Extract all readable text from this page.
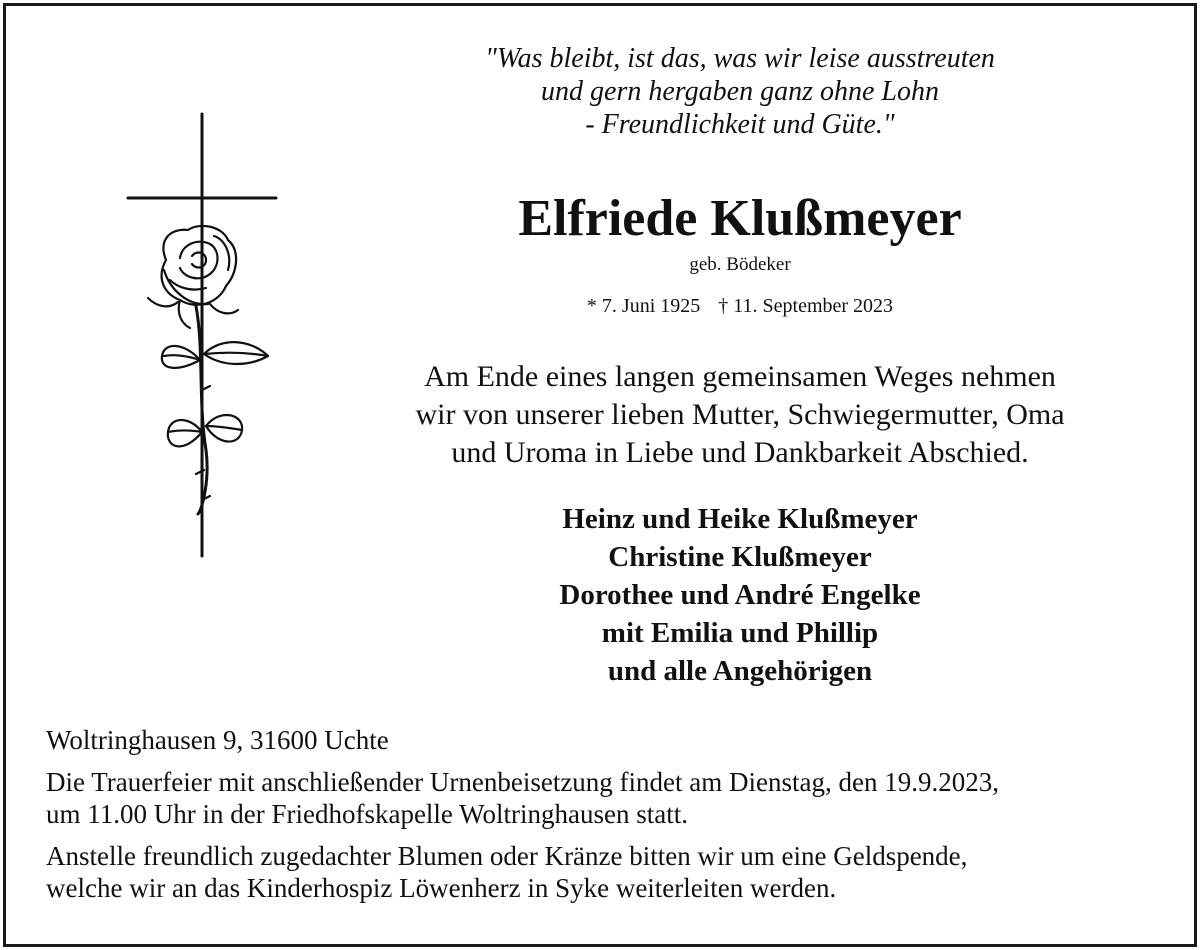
"Was bleibt, ist das, was wir leise ausstreuten
und gern hergaben ganz ohne Lohn
- Freundlichkeit und Güte."
Elfriede Klußmeyer
geb. Bödeker
* 7. Juni 1925 † 11. September 2023
Am Ende eines langen gemeinsamen Weges nehmen
wir von unserer lieben Mutter, Schwiegermutter, Oma
und Uroma in Liebe und Dankbarkeit Abschied.
Heinz und Heike Klußmeyer
Christine Klußmeyer
Dorothee und André Engelke
mit Emilia und Phillip
und alle Angehörigen
Woltringhausen 9, 31600 Uchte
Die Trauerfeier mit anschließender Urnenbeisetzung findet am Dienstag, den 19.9.2023,
um 11.00 Uhr in der Friedhofskapelle Woltringhausen statt.
Anstelle freundlich zugedachter Blumen oder Kränze bitten wir um eine Geldspende,
welche wir an das Kinderhospiz Löwenherz in Syke weiterleiten werden.
